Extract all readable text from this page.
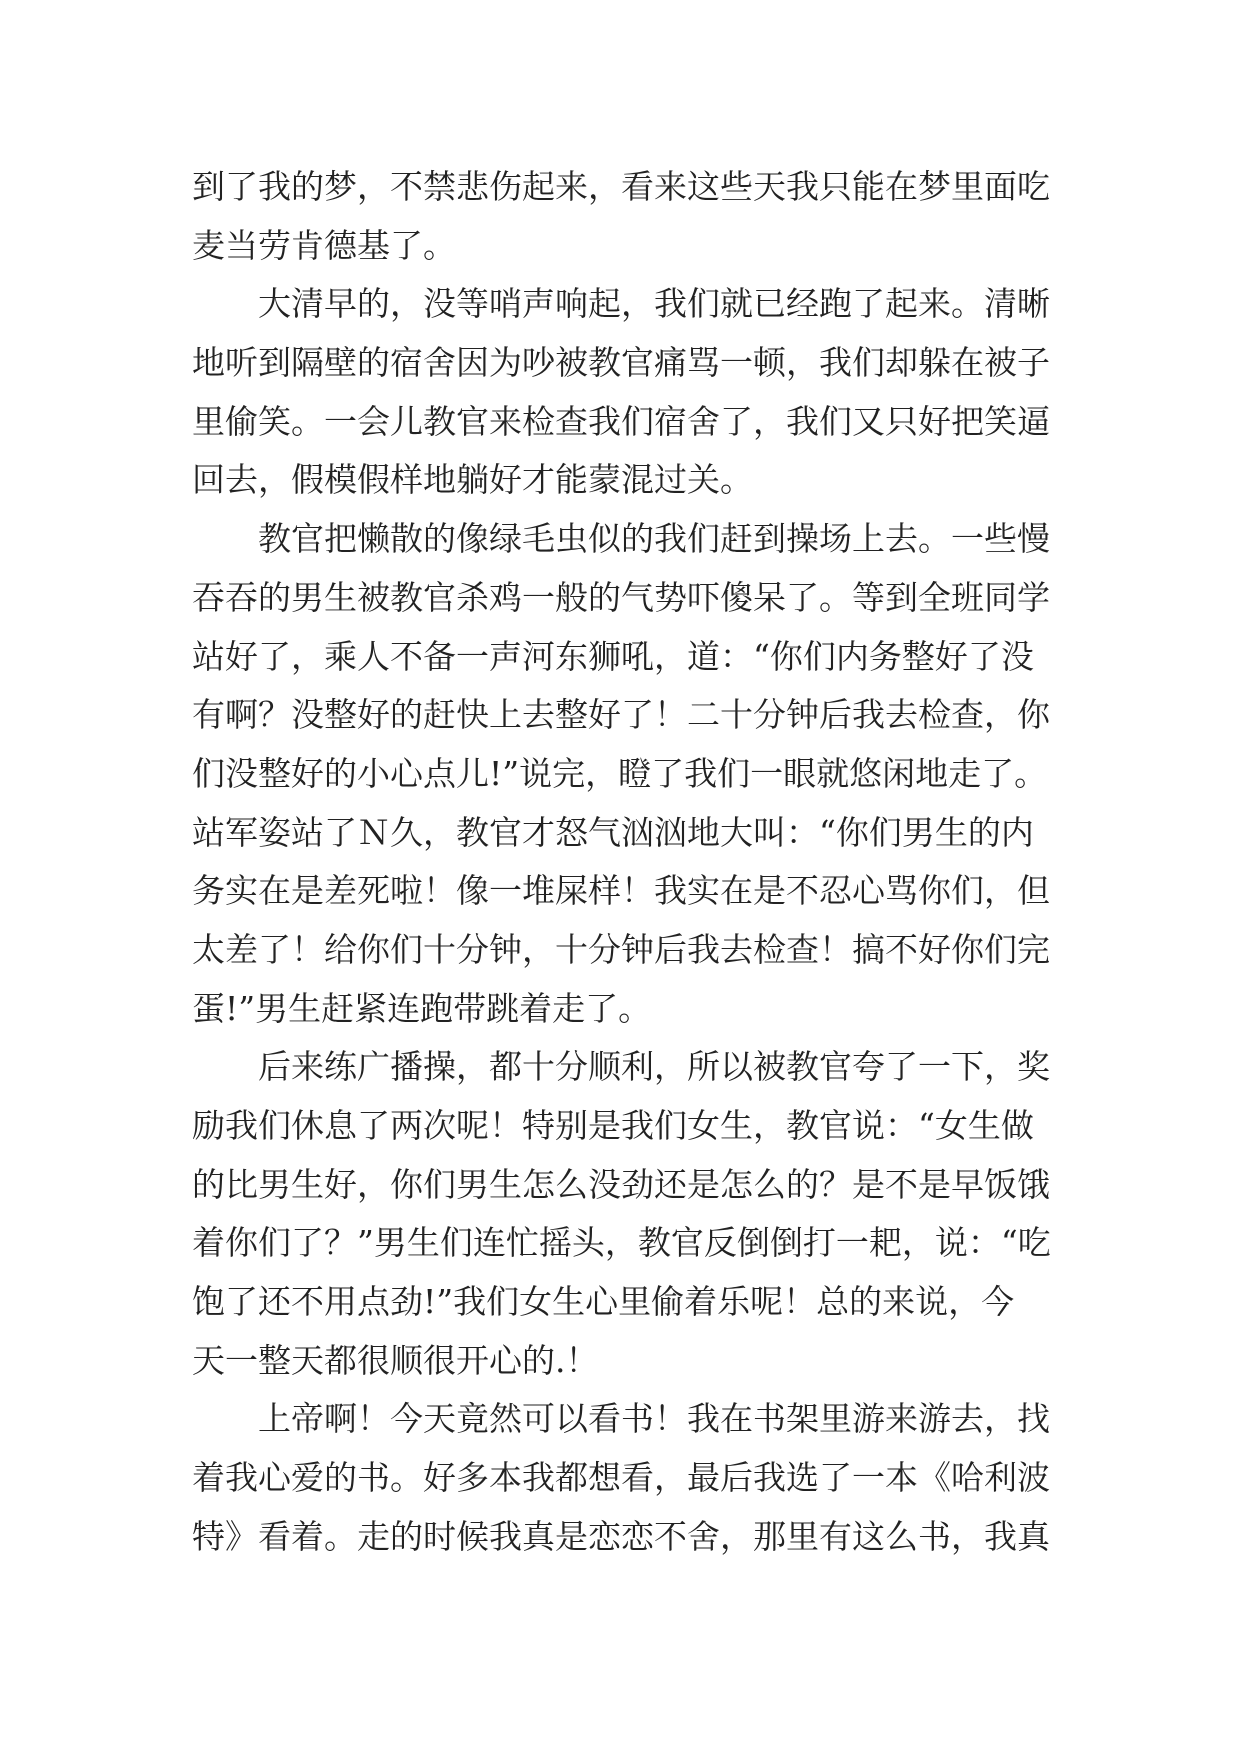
到了我的梦，不禁悲伤起来，看来这些天我只能在梦里面吃
麦当劳肯德基了。
大清早的，没等哨声响起，我们就已经跑了起来。清晰
地听到隔壁的宿舍因为吵被教官痛骂一顿，我们却躲在被子
里偷笑。一会儿教官来检查我们宿舍了，我们又只好把笑逼
回去，假模假样地躺好才能蒙混过关。
教官把懒散的像绿毛虫似的我们赶到操场上去。一些慢
吞吞的男生被教官杀鸡一般的气势吓傻呆了。等到全班同学
站好了，乘人不备一声河东狮吼，道：“你们内务整好了没
有啊？没整好的赶快上去整好了！二十分钟后我去检查，你
们没整好的小心点儿!”说完，瞪了我们一眼就悠闲地走了。
站军姿站了Ｎ久，教官才怒气汹汹地大叫：“你们男生的内
务实在是差死啦！像一堆屎样！我实在是不忍心骂你们，但
太差了！给你们十分钟，十分钟后我去检查！搞不好你们完
蛋!”男生赶紧连跑带跳着走了。
后来练广播操，都十分顺利，所以被教官夸了一下，奖
励我们休息了两次呢！特别是我们女生，教官说：“女生做
的比男生好，你们男生怎么没劲还是怎么的？是不是早饭饿
着你们了？”男生们连忙摇头，教官反倒倒打一耙，说：“吃
饱了还不用点劲!”我们女生心里偷着乐呢！总的来说，今
天一整天都很顺很开心的.！
上帝啊！今天竟然可以看书！我在书架里游来游去，找
着我心爱的书。好多本我都想看，最后我选了一本《哈利波
特》看着。走的时候我真是恋恋不舍，那里有这么书，我真
